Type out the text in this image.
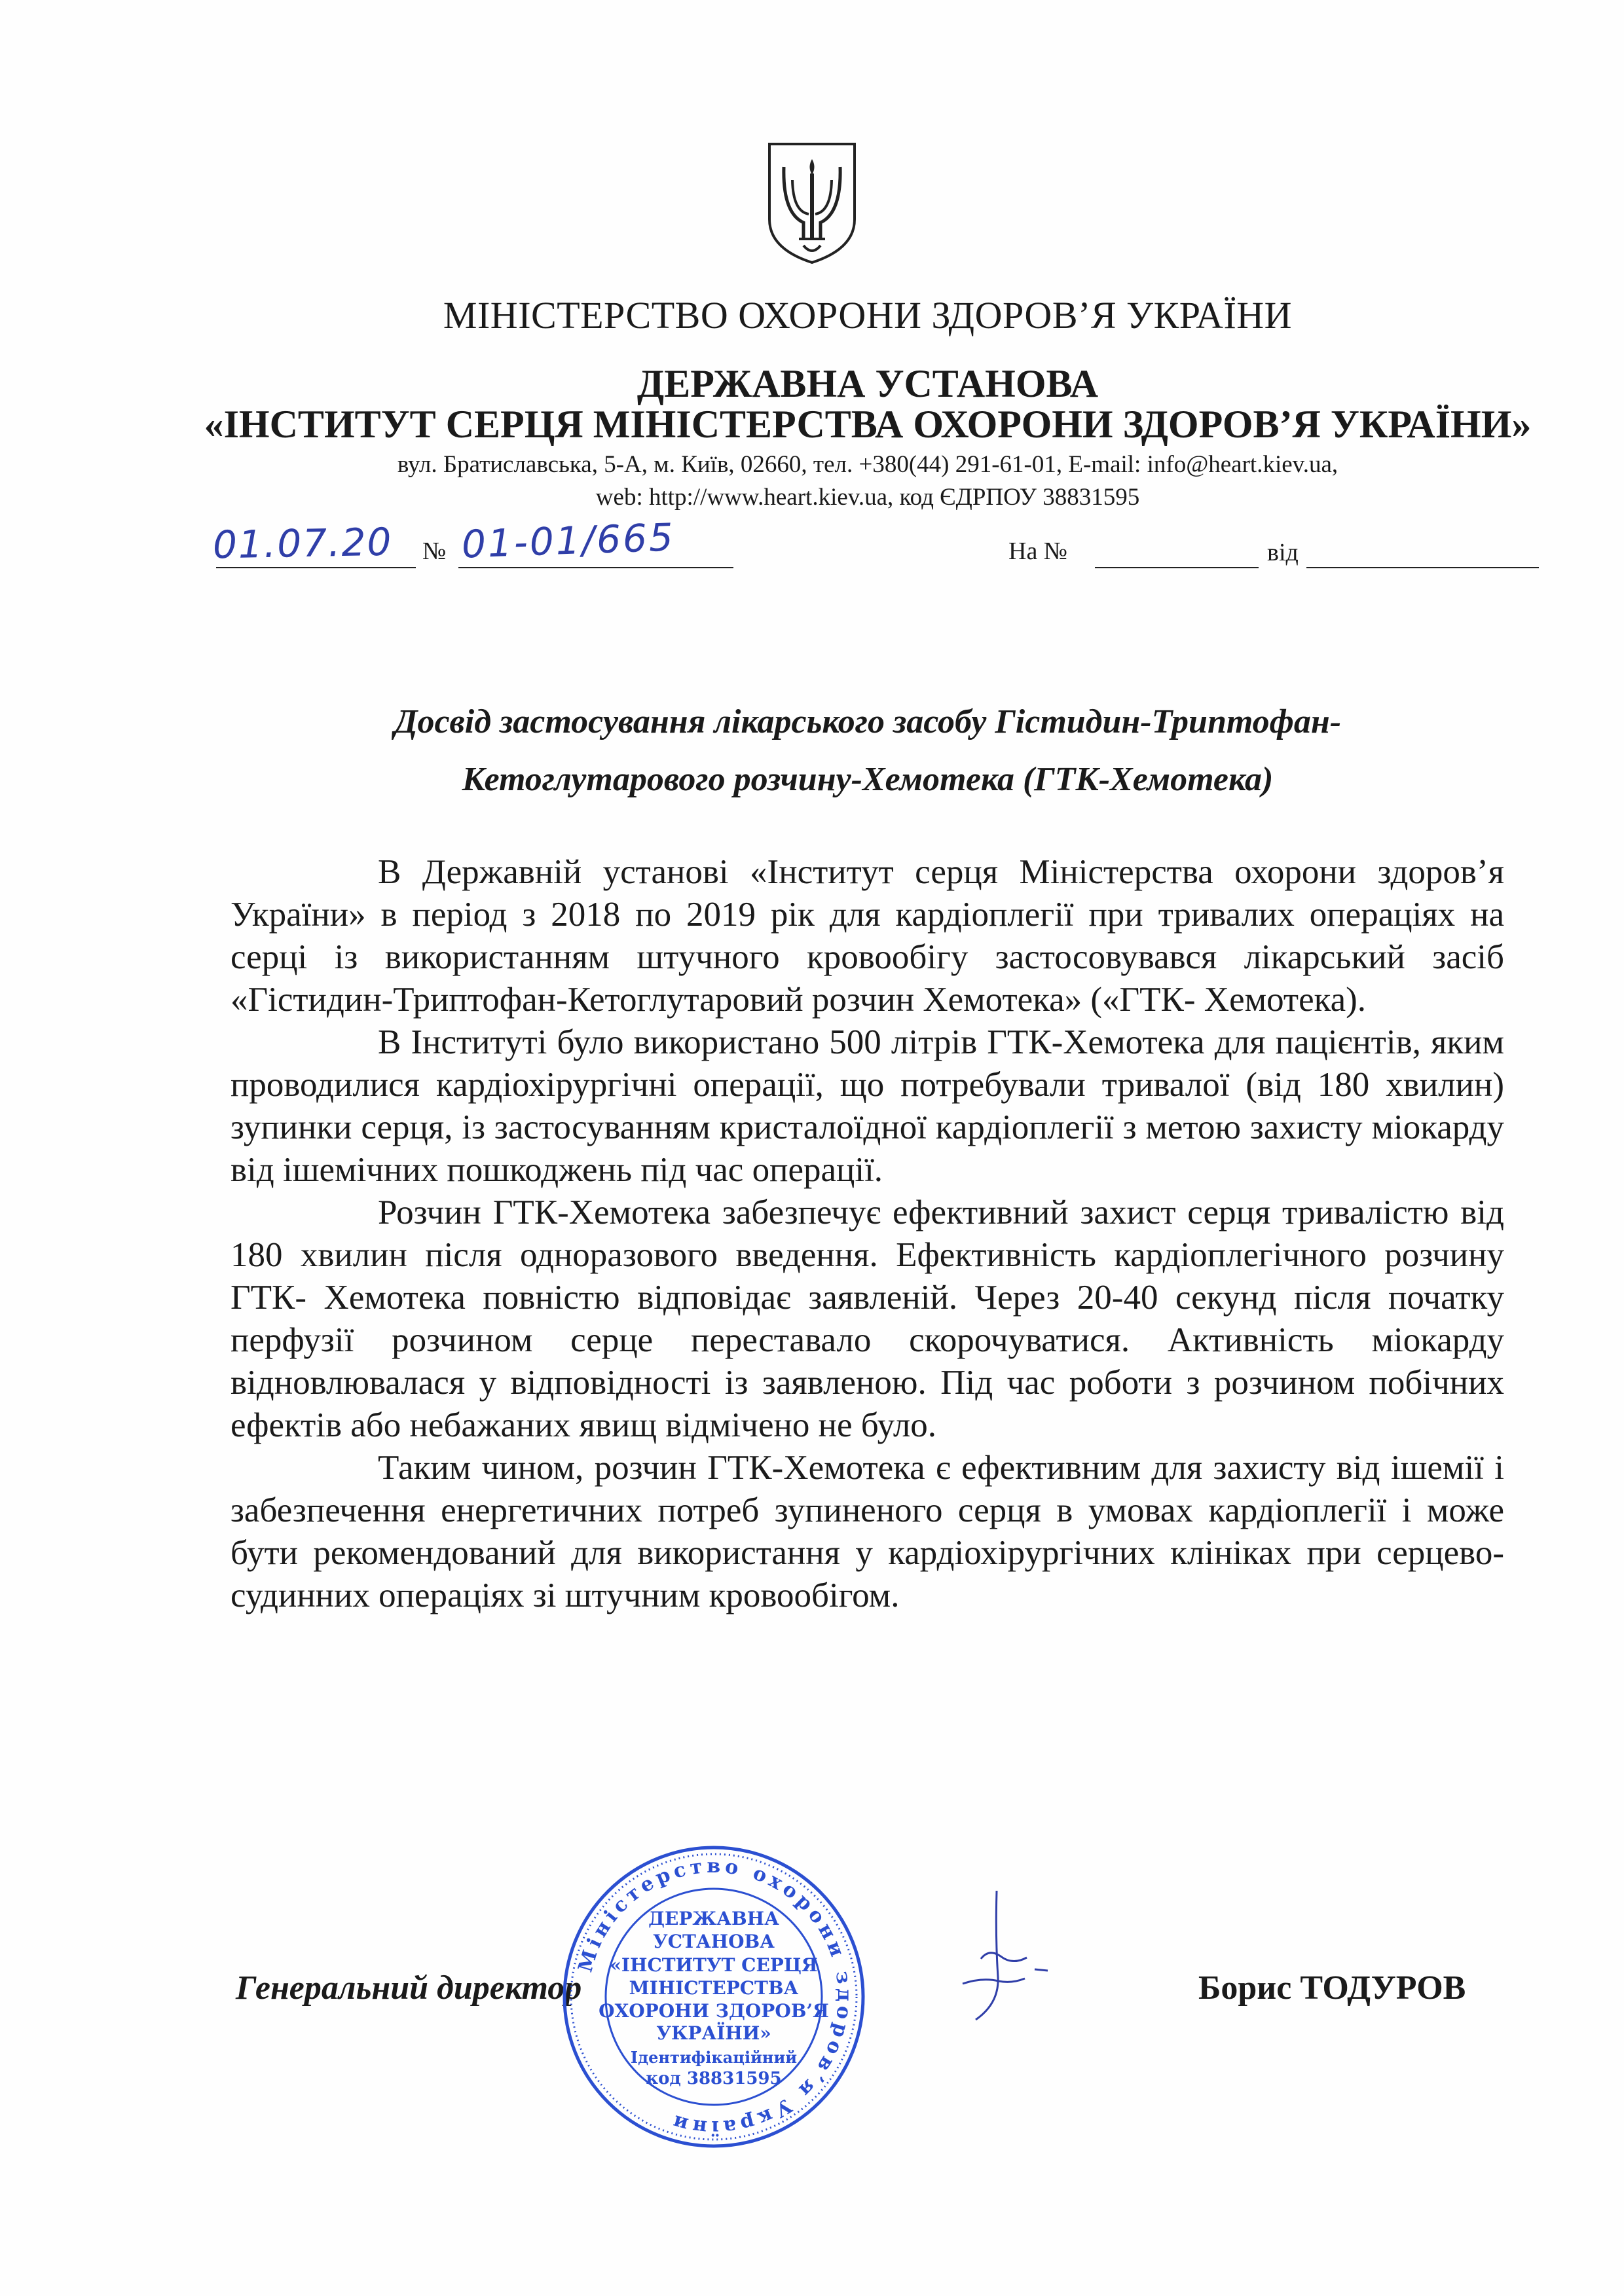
МІНІСТЕРСТВО ОХОРОНИ ЗДОРОВ’Я УКРАЇНИ
ДЕРЖАВНА УСТАНОВА
«ІНСТИТУТ СЕРЦЯ МІНІСТЕРСТВА ОХОРОНИ ЗДОРОВ’Я УКРАЇНИ»
вул. Братиславська, 5-А, м. Київ, 02660, тел. +380(44) 291-61-01, E-mail: info@heart.kiev.ua,
web: http://www.heart.kiev.ua, код ЄДРПОУ 38831595
01.07.20 № 01-01/665	На №	від
Досвід застосування лікарського засобу Гістидин-Триптофан-
Кетоглутарового розчину-Хемотека (ГТК-Хемотека)

В Державній установі «Інститут серця Міністерства охорони здоров’я України» в період з 2018 по 2019 рік для кардіоплегії при тривалих операціях на серці із використанням штучного кровообігу застосовувався лікарський засіб «Гістидин-Триптофан-Кетоглутаровий розчин Хемотека» («ГТК- Хемотека).

В Інституті було використано 500 літрів ГТК-Хемотека для пацієнтів, яким проводилися кардіохірургічні операції, що потребували тривалої (від 180 хвилин) зупинки серця, із застосуванням кристалоїдної кардіоплегії з метою захисту міокарду від ішемічних пошкоджень під час операції.

Розчин ГТК-Хемотека забезпечує ефективний захист серця тривалістю від 180 хвилин після одноразового введення. Ефективність кардіоплегічного розчину ГТК- Хемотека повністю відповідає заявленій. Через 20-40 секунд після початку перфузії розчином серце переставало скорочуватися. Активність міокарду відновлювалася у відповідності із заявленою. Під час роботи з розчином побічних ефектів або небажаних явищ відмічено не було.

Таким чином, розчин ГТК-Хемотека є ефективним для захисту від ішемії і забезпечення енергетичних потреб зупиненого серця в умовах кардіоплегії і може бути рекомендований для використання у кардіохірургічних клініках при серцево-судинних операціях зі штучним кровообігом.

Генеральний директор	Борис ТОДУРОВ
Міністерство охорони здоров’я України
ДЕРЖАВНА
УСТАНОВА
«ІНСТИТУТ СЕРЦЯ
МІНІСТЕРСТВА
ОХОРОНИ ЗДОРОВ’Я
УКРАЇНИ»
Ідентифікаційний
код 38831595
